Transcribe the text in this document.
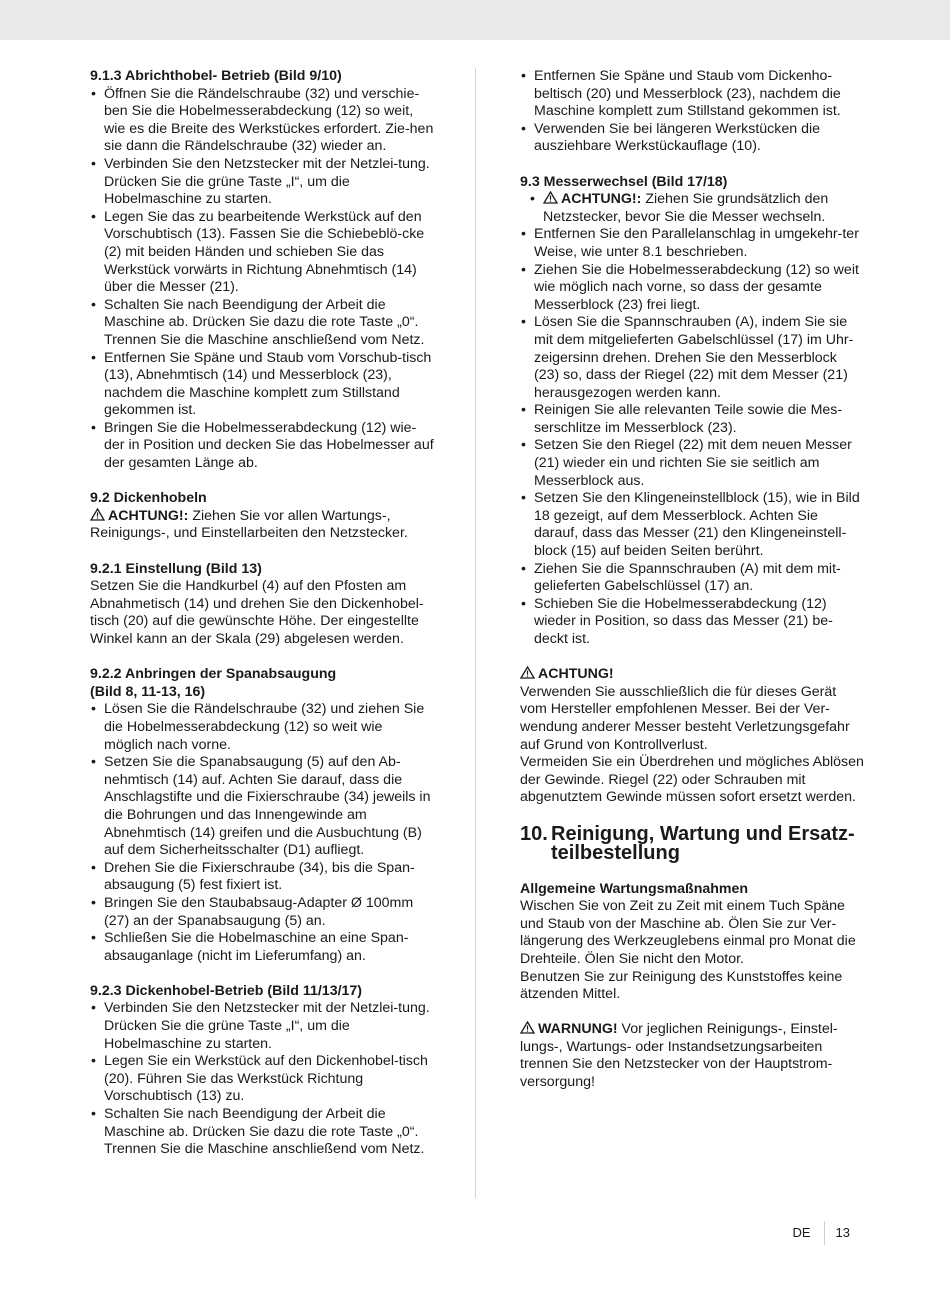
9.1.3 Abrichthobel- Betrieb (Bild 9/10)
• Öffnen Sie die Rändelschraube (32) und verschie-ben Sie die Hobelmesserabdeckung (12) so weit, wie es die Breite des Werkstückes erfordert. Zie-hen sie dann die Rändelschraube (32) wieder an.
• Verbinden Sie den Netzstecker mit der Netzlei-tung. Drücken Sie die grüne Taste „I“, um die Hobelmaschine zu starten.
• Legen Sie das zu bearbeitende Werkstück auf den Vorschubtisch (13). Fassen Sie die Schiebeblö-cke (2) mit beiden Händen und schieben Sie das Werkstück vorwärts in Richtung Abnehmtisch (14) über die Messer (21).
• Schalten Sie nach Beendigung der Arbeit die Maschine ab. Drücken Sie dazu die rote Taste „0“. Trennen Sie die Maschine anschließend vom Netz.
• Entfernen Sie Späne und Staub vom Vorschub-tisch (13), Abnehmtisch (14) und Messerblock (23), nachdem die Maschine komplett zum Stillstand gekommen ist.
• Bringen Sie die Hobelmesserabdeckung (12) wie-der in Position und decken Sie das Hobelmesser auf der gesamten Länge ab.
9.2 Dickenhobeln

ACHTUNG!: Ziehen Sie vor allen Wartungs-, Reinigungs-, und Einstellarbeiten den Netzstecker.

9.2.1 Einstellung (Bild 13)

Setzen Sie die Handkurbel (4) auf den Pfosten am Abnahmetisch (14) und drehen Sie den Dickenhobel-tisch (20) auf die gewünschte Höhe. Der eingestellte Winkel kann an der Skala (29) abgelesen werden.

9.2.2 Anbringen der Spanabsaugung
(Bild 8, 11-13, 16)
• Lösen Sie die Rändelschraube (32) und ziehen Sie die Hobelmesserabdeckung (12) so weit wie möglich nach vorne.
• Setzen Sie die Spanabsaugung (5) auf den Ab-nehmtisch (14) auf. Achten Sie darauf, dass die Anschlagstifte und die Fixierschraube (34) jeweils in die Bohrungen und das Innengewinde am Abnehmtisch (14) greifen und die Ausbuchtung (B) auf dem Sicherheitsschalter (D1) aufliegt.
• Drehen Sie die Fixierschraube (34), bis die Span-absaugung (5) fest fixiert ist.
• Bringen Sie den Staubabsaug-Adapter Ø 100mm (27) an der Spanabsaugung (5) an.
• Schließen Sie die Hobelmaschine an eine Span-absauganlage (nicht im Lieferumfang) an.
9.2.3 Dickenhobel-Betrieb (Bild 11/13/17)
• Verbinden Sie den Netzstecker mit der Netzlei-tung. Drücken Sie die grüne Taste „I“, um die Hobelmaschine zu starten.
• Legen Sie ein Werkstück auf den Dickenhobel-tisch (20). Führen Sie das Werkstück Richtung Vorschubtisch (13) zu.
• Schalten Sie nach Beendigung der Arbeit die Maschine ab. Drücken Sie dazu die rote Taste „0“. Trennen Sie die Maschine anschließend vom Netz.
• Entfernen Sie Späne und Staub vom Dickenho-beltisch (20) und Messerblock (23), nachdem die Maschine komplett zum Stillstand gekommen ist.
• Verwenden Sie bei längeren Werkstücken die ausziehbare Werkstückauflage (10).
9.3 Messerwechsel (Bild 17/18)
• ACHTUNG!: Ziehen Sie grundsätzlich den Netzstecker, bevor Sie die Messer wechseln.
• Entfernen Sie den Parallelanschlag in umgekehr-ter Weise, wie unter 8.1 beschrieben.
• Ziehen Sie die Hobelmesserabdeckung (12) so weit wie möglich nach vorne, so dass der gesamte Messerblock (23) frei liegt.
• Lösen Sie die Spannschrauben (A), indem Sie sie mit dem mitgelieferten Gabelschlüssel (17) im Uhr-zeigersinn drehen. Drehen Sie den Messerblock (23) so, dass der Riegel (22) mit dem Messer (21) herausgezogen werden kann.
• Reinigen Sie alle relevanten Teile sowie die Mes-serschlitze im Messerblock (23).
• Setzen Sie den Riegel (22) mit dem neuen Messer (21) wieder ein und richten Sie sie seitlich am Messerblock aus.
• Setzen Sie den Klingeneinstellblock (15), wie in Bild 18 gezeigt, auf dem Messerblock. Achten Sie darauf, dass das Messer (21) den Klingeneinstell-block (15) auf beiden Seiten berührt.
• Ziehen Sie die Spannschrauben (A) mit dem mit-gelieferten Gabelschlüssel (17) an.
• Schieben Sie die Hobelmesserabdeckung (12) wieder in Position, so dass das Messer (21) be-deckt ist.
ACHTUNG!

Verwenden Sie ausschließlich die für dieses Gerät vom Hersteller empfohlenen Messer. Bei der Ver-wendung anderer Messer besteht Verletzungsgefahr auf Grund von Kontrollverlust.

Vermeiden Sie ein Überdrehen und mögliches Ablösen der Gewinde. Riegel (22) oder Schrauben mit abgenutztem Gewinde müssen sofort ersetzt werden.

10. Reinigung, Wartung und Ersatz-teilbestellung
Allgemeine Wartungsmaßnahmen

Wischen Sie von Zeit zu Zeit mit einem Tuch Späne und Staub von der Maschine ab. Ölen Sie zur Ver-längerung des Werkzeuglebens einmal pro Monat die Drehteile. Ölen Sie nicht den Motor.

Benutzen Sie zur Reinigung des Kunststoffes keine ätzenden Mittel.

WARNUNG! Vor jeglichen Reinigungs-, Einstel-lungs-, Wartungs- oder Instandsetzungsarbeiten trennen Sie den Netzstecker von der Hauptstrom-versorgung!

DE	13
